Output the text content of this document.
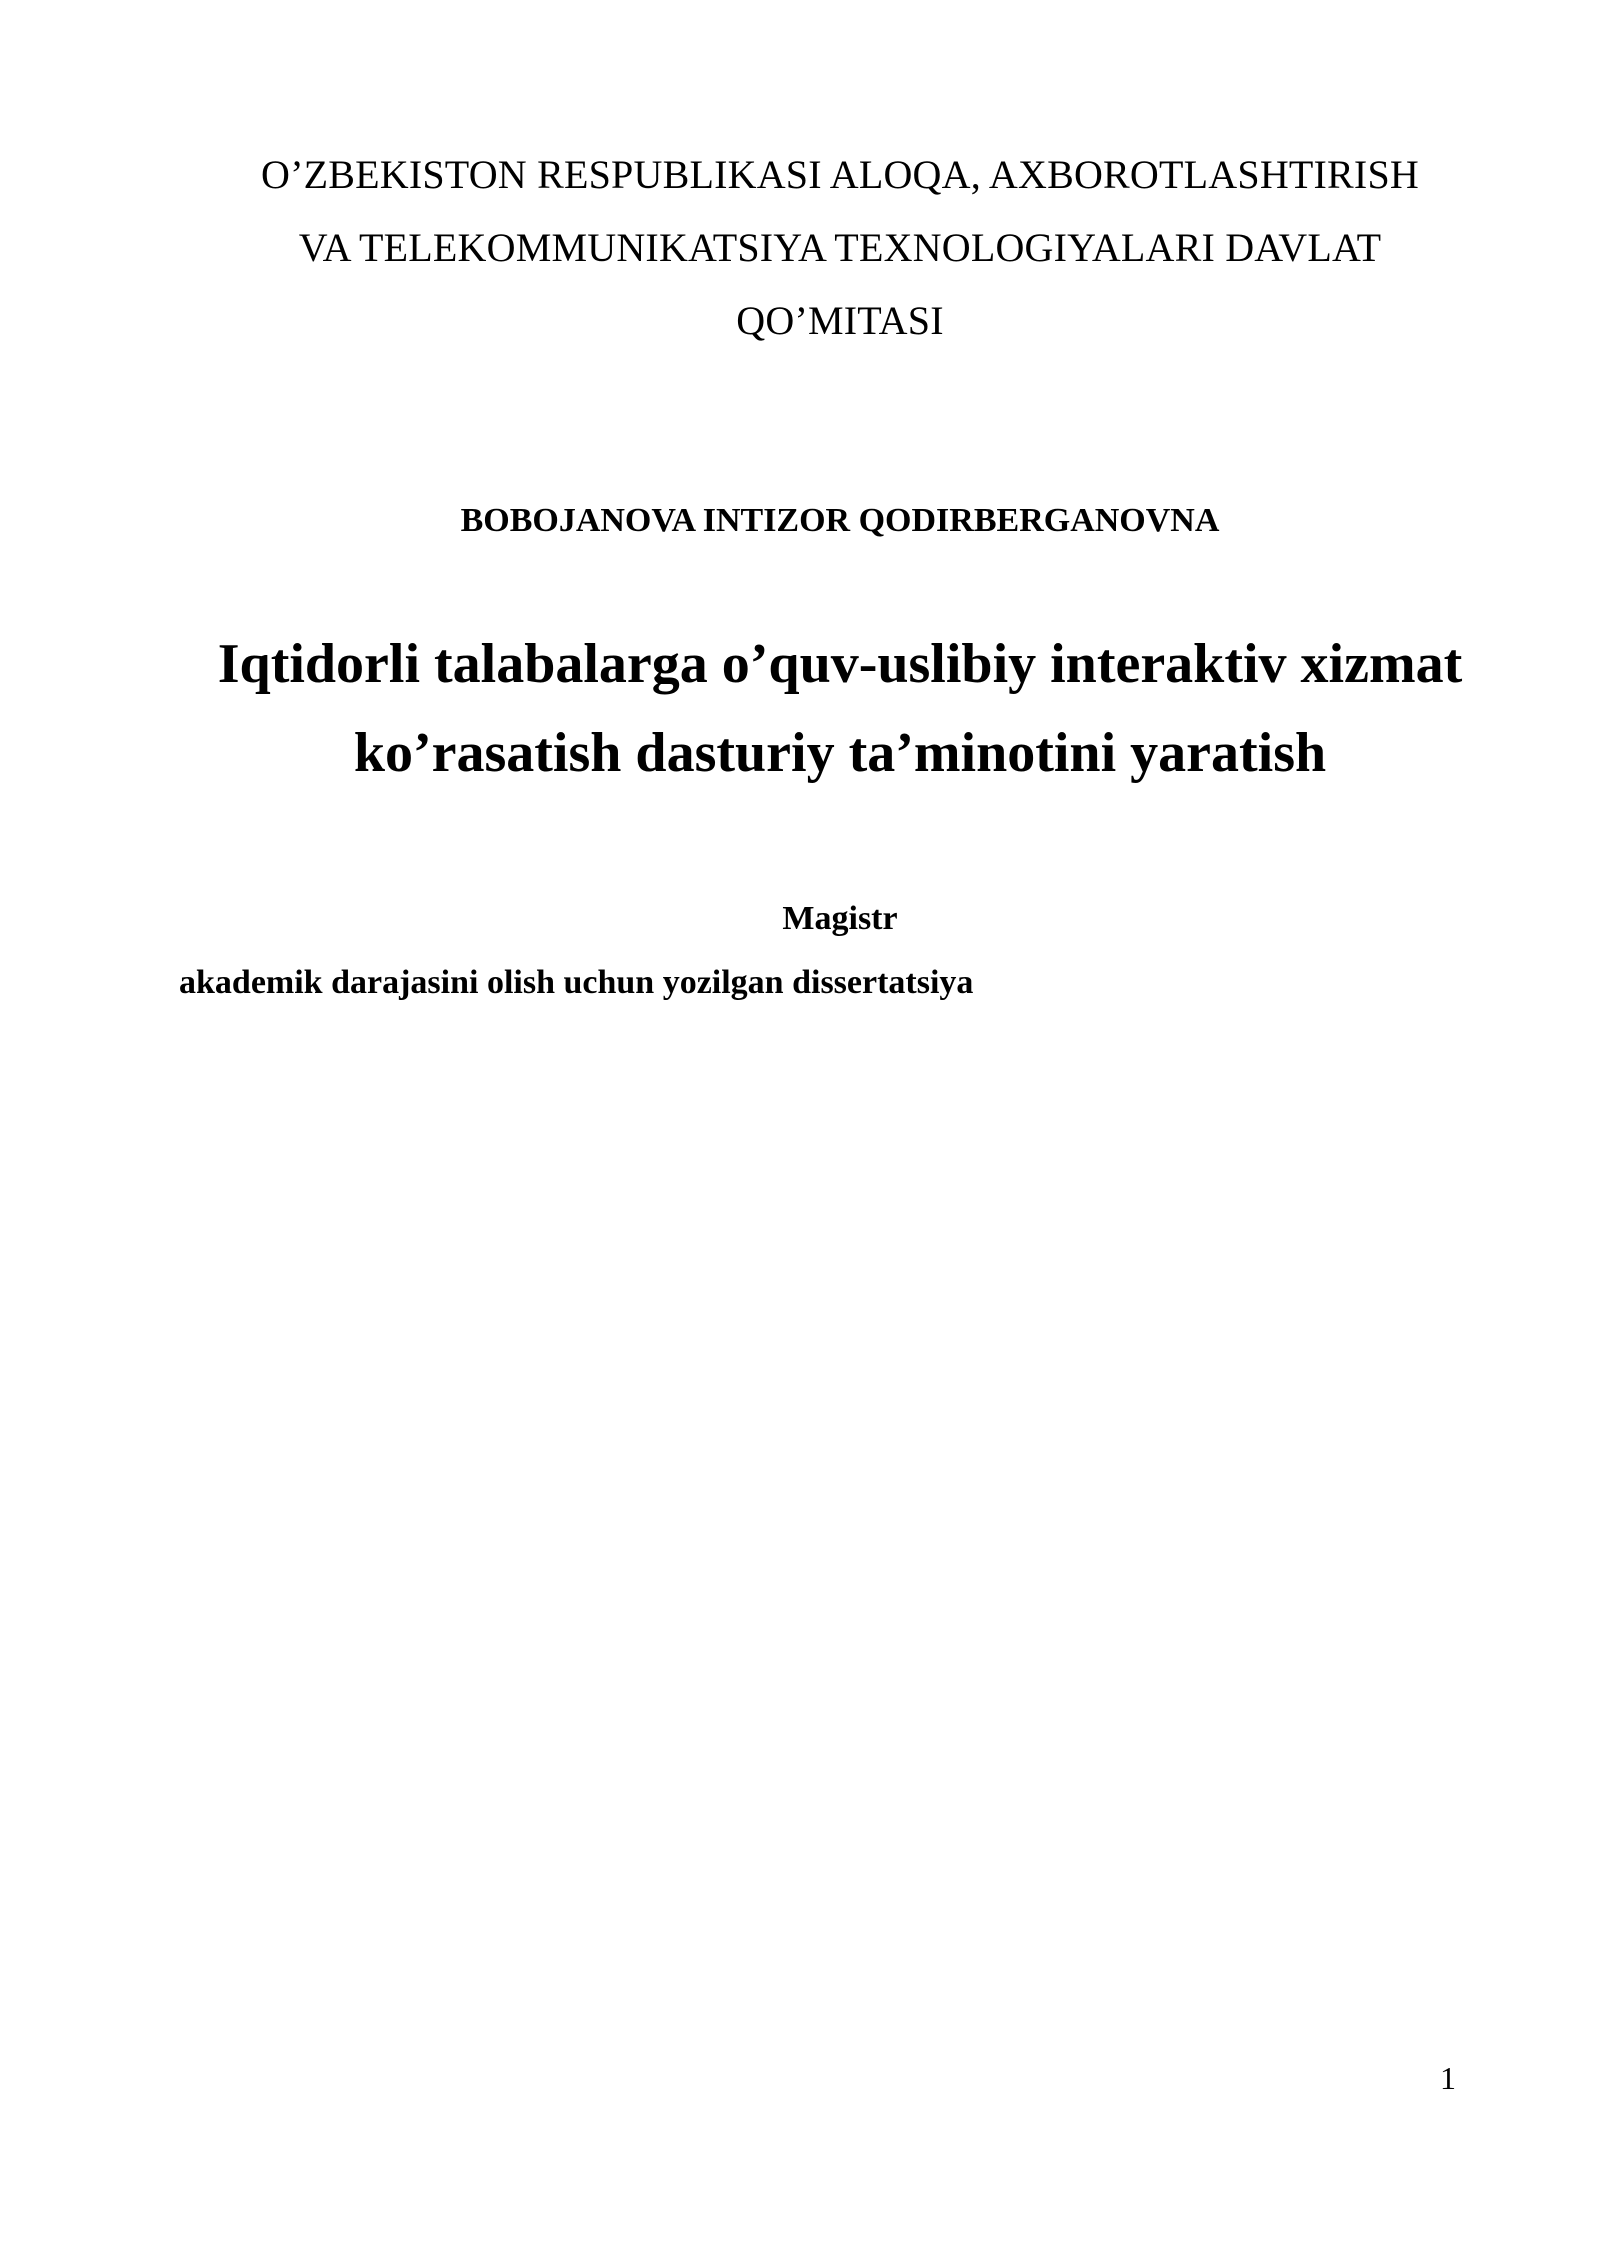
O’ZBEKISTON RESPUBLIKASI ALOQA, AXBOROTLASHTIRISH
VA TELEKOMMUNIKATSIYA TEXNOLOGIYALARI DAVLAT
QO’MITASI
BOBOJANOVA INTIZOR QODIRBERGANOVNA
Iqtidorli talabalarga o’quv-uslibiy interaktiv xizmat
ko’rasatish dasturiy ta’minotini yaratish
Magistr
akademik darajasini olish uchun yozilgan dissertatsiya
1
